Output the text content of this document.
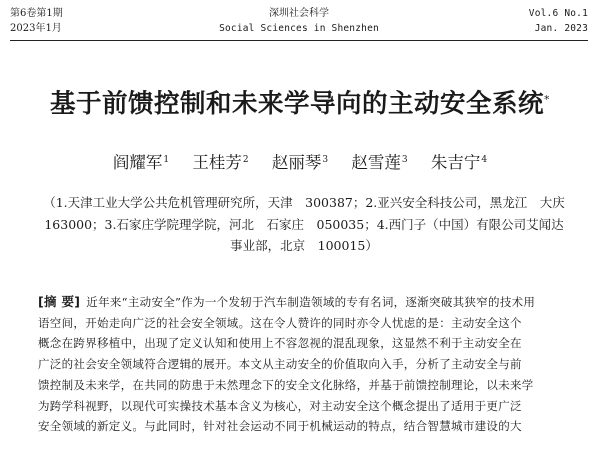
第6卷第1期
2023年1月
深圳社会科学
Social Sciences in Shenzhen
Vol.6 No.1
Jan. 2023
基于前馈控制和未来学导向的主动安全系统*
阎耀军$^1$ 王桂芳$^2$ 赵丽琴$^3$ 赵雪莲$^3$ 朱吉宁$^4$
（1.天津工业大学公共危机管理研究所，天津　300387；2.亚兴安全科技公司，黑龙江　大庆
163000；3.石家庄学院理学院，河北　石家庄　050035；4.西门子（中国）有限公司艾闻达
事业部，北京　100015）
[摘 要] 近年来“主动安全”作为一个发轫于汽车制造领域的专有名词，逐渐突破其狭窄的技术用
语空间，开始走向广泛的社会安全领域。这在令人赞许的同时亦令人忧虑的是：主动安全这个
概念在跨界移植中，出现了定义认知和使用上不容忽视的混乱现象，这显然不利于主动安全在
广泛的社会安全领域符合逻辑的展开。本文从主动安全的价值取向入手，分析了主动安全与前
馈控制及未来学，在共同的防患于未然理念下的安全文化脉络，并基于前馈控制理论，以未来学
为跨学科视野，以现代可实操技术基本含义为核心，对主动安全这个概念提出了适用于更广泛
安全领域的新定义。与此同时，针对社会运动不同于机械运动的特点，结合智慧城市建设的大
